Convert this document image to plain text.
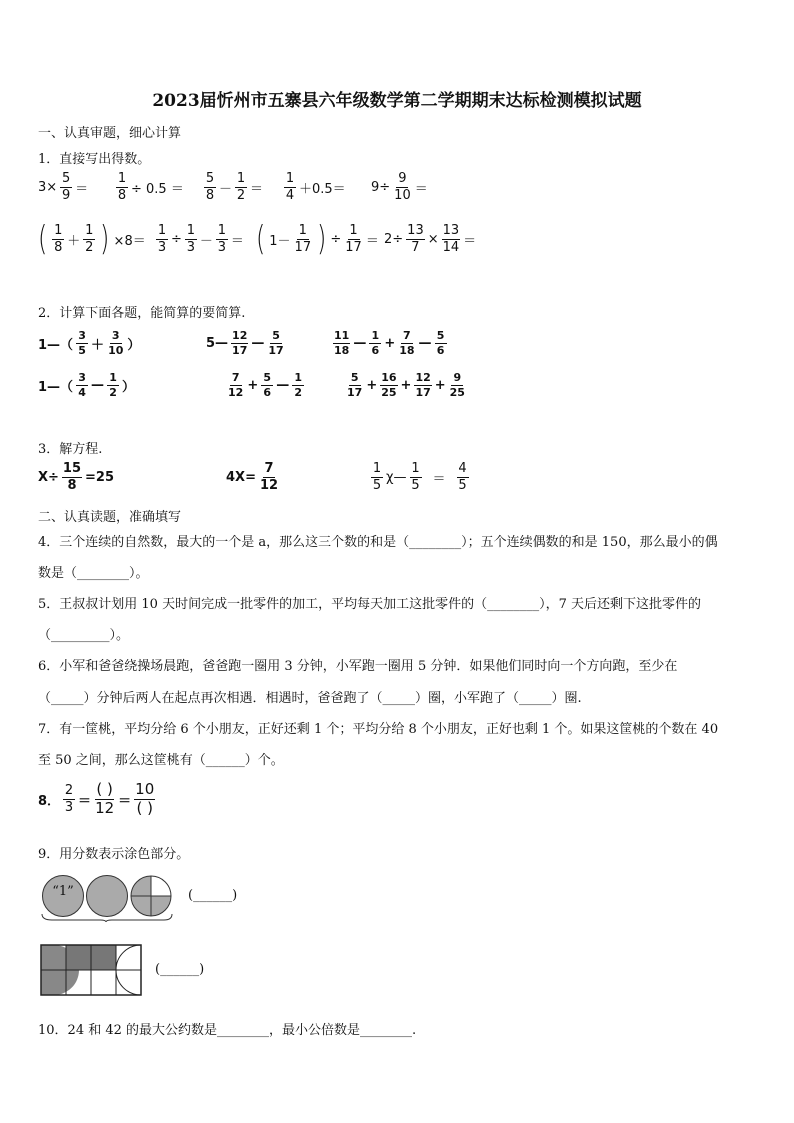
2023届忻州市五寨县六年级数学第二学期期末达标检测模拟试题
一、认真审题，细心计算
1．直接写出得数。
$3\times \frac{5}{9} = \frac{1}{8} \div 0.5 = \frac{5}{8} - \frac{1}{2} = \frac{1}{4} +0.5= 9\div \frac{9}{10}$ ＝
( $\frac{1}{8} + \frac{1}{2}$ ) $\times 8= \frac{1}{3} \div \frac{1}{3} - \frac{1}{3}$ ＝ ( $1- \frac{1}{17}$ ) ÷ $\frac{1}{17} = 2\div \frac{13}{7} \times \frac{13}{14}$ ＝
2．计算下面各题，能简算的要简算.
1—（ $\frac{3}{5} + \frac{3}{10}$ ）	5— $\frac{12}{17}$ — $\frac{5}{17}$	$\frac{11}{18}$ — $\frac{1}{6} + \frac{7}{18}$ — $\frac{5}{6}$
1—（ $\frac{3}{4}$ — $\frac{1}{2}$ ）	$\frac{7}{12} + \frac{5}{6}$ — $\frac{1}{2}$	$\frac{5}{17} + \frac{16}{25} + \frac{12}{17} + \frac{9}{25}$
3．解方程.
$X\div \frac{15}{8} =25$	$4X= \frac{7}{12}$	$\frac{1}{5}$ χ— $\frac{1}{5} = \frac{4}{5}$
二、认真读题，准确填写
4．三个连续的自然数，最大的一个是 a，那么这三个数的和是（________）；五个连续偶数的和是 150，那么最小的偶
数是（________）。
5．王叔叔计划用 10 天时间完成一批零件的加工，平均每天加工这批零件的（________），7 天后还剩下这批零件的
（_________）。
6．小军和爸爸绕操场晨跑，爸爸跑一圈用 3 分钟，小军跑一圈用 5 分钟．如果他们同时向一个方向跑，至少在
（_____）分钟后两人在起点再次相遇．相遇时，爸爸跑了（_____）圈，小军跑了（_____）圈.
7．有一筐桃，平均分给 6 个小朋友，正好还剩 1 个；平均分给 8 个小朋友，正好也剩 1 个。如果这筐桃的个数在 40
至 50 之间，那么这筐桃有（______）个。
8． $\frac{2}{3} = \frac{( )}{12} = \frac{10}{( )}$
9．用分数表示涂色部分。
“1”	(______)
(______)
10．24 和 42 的最大公约数是________，最小公倍数是________.
